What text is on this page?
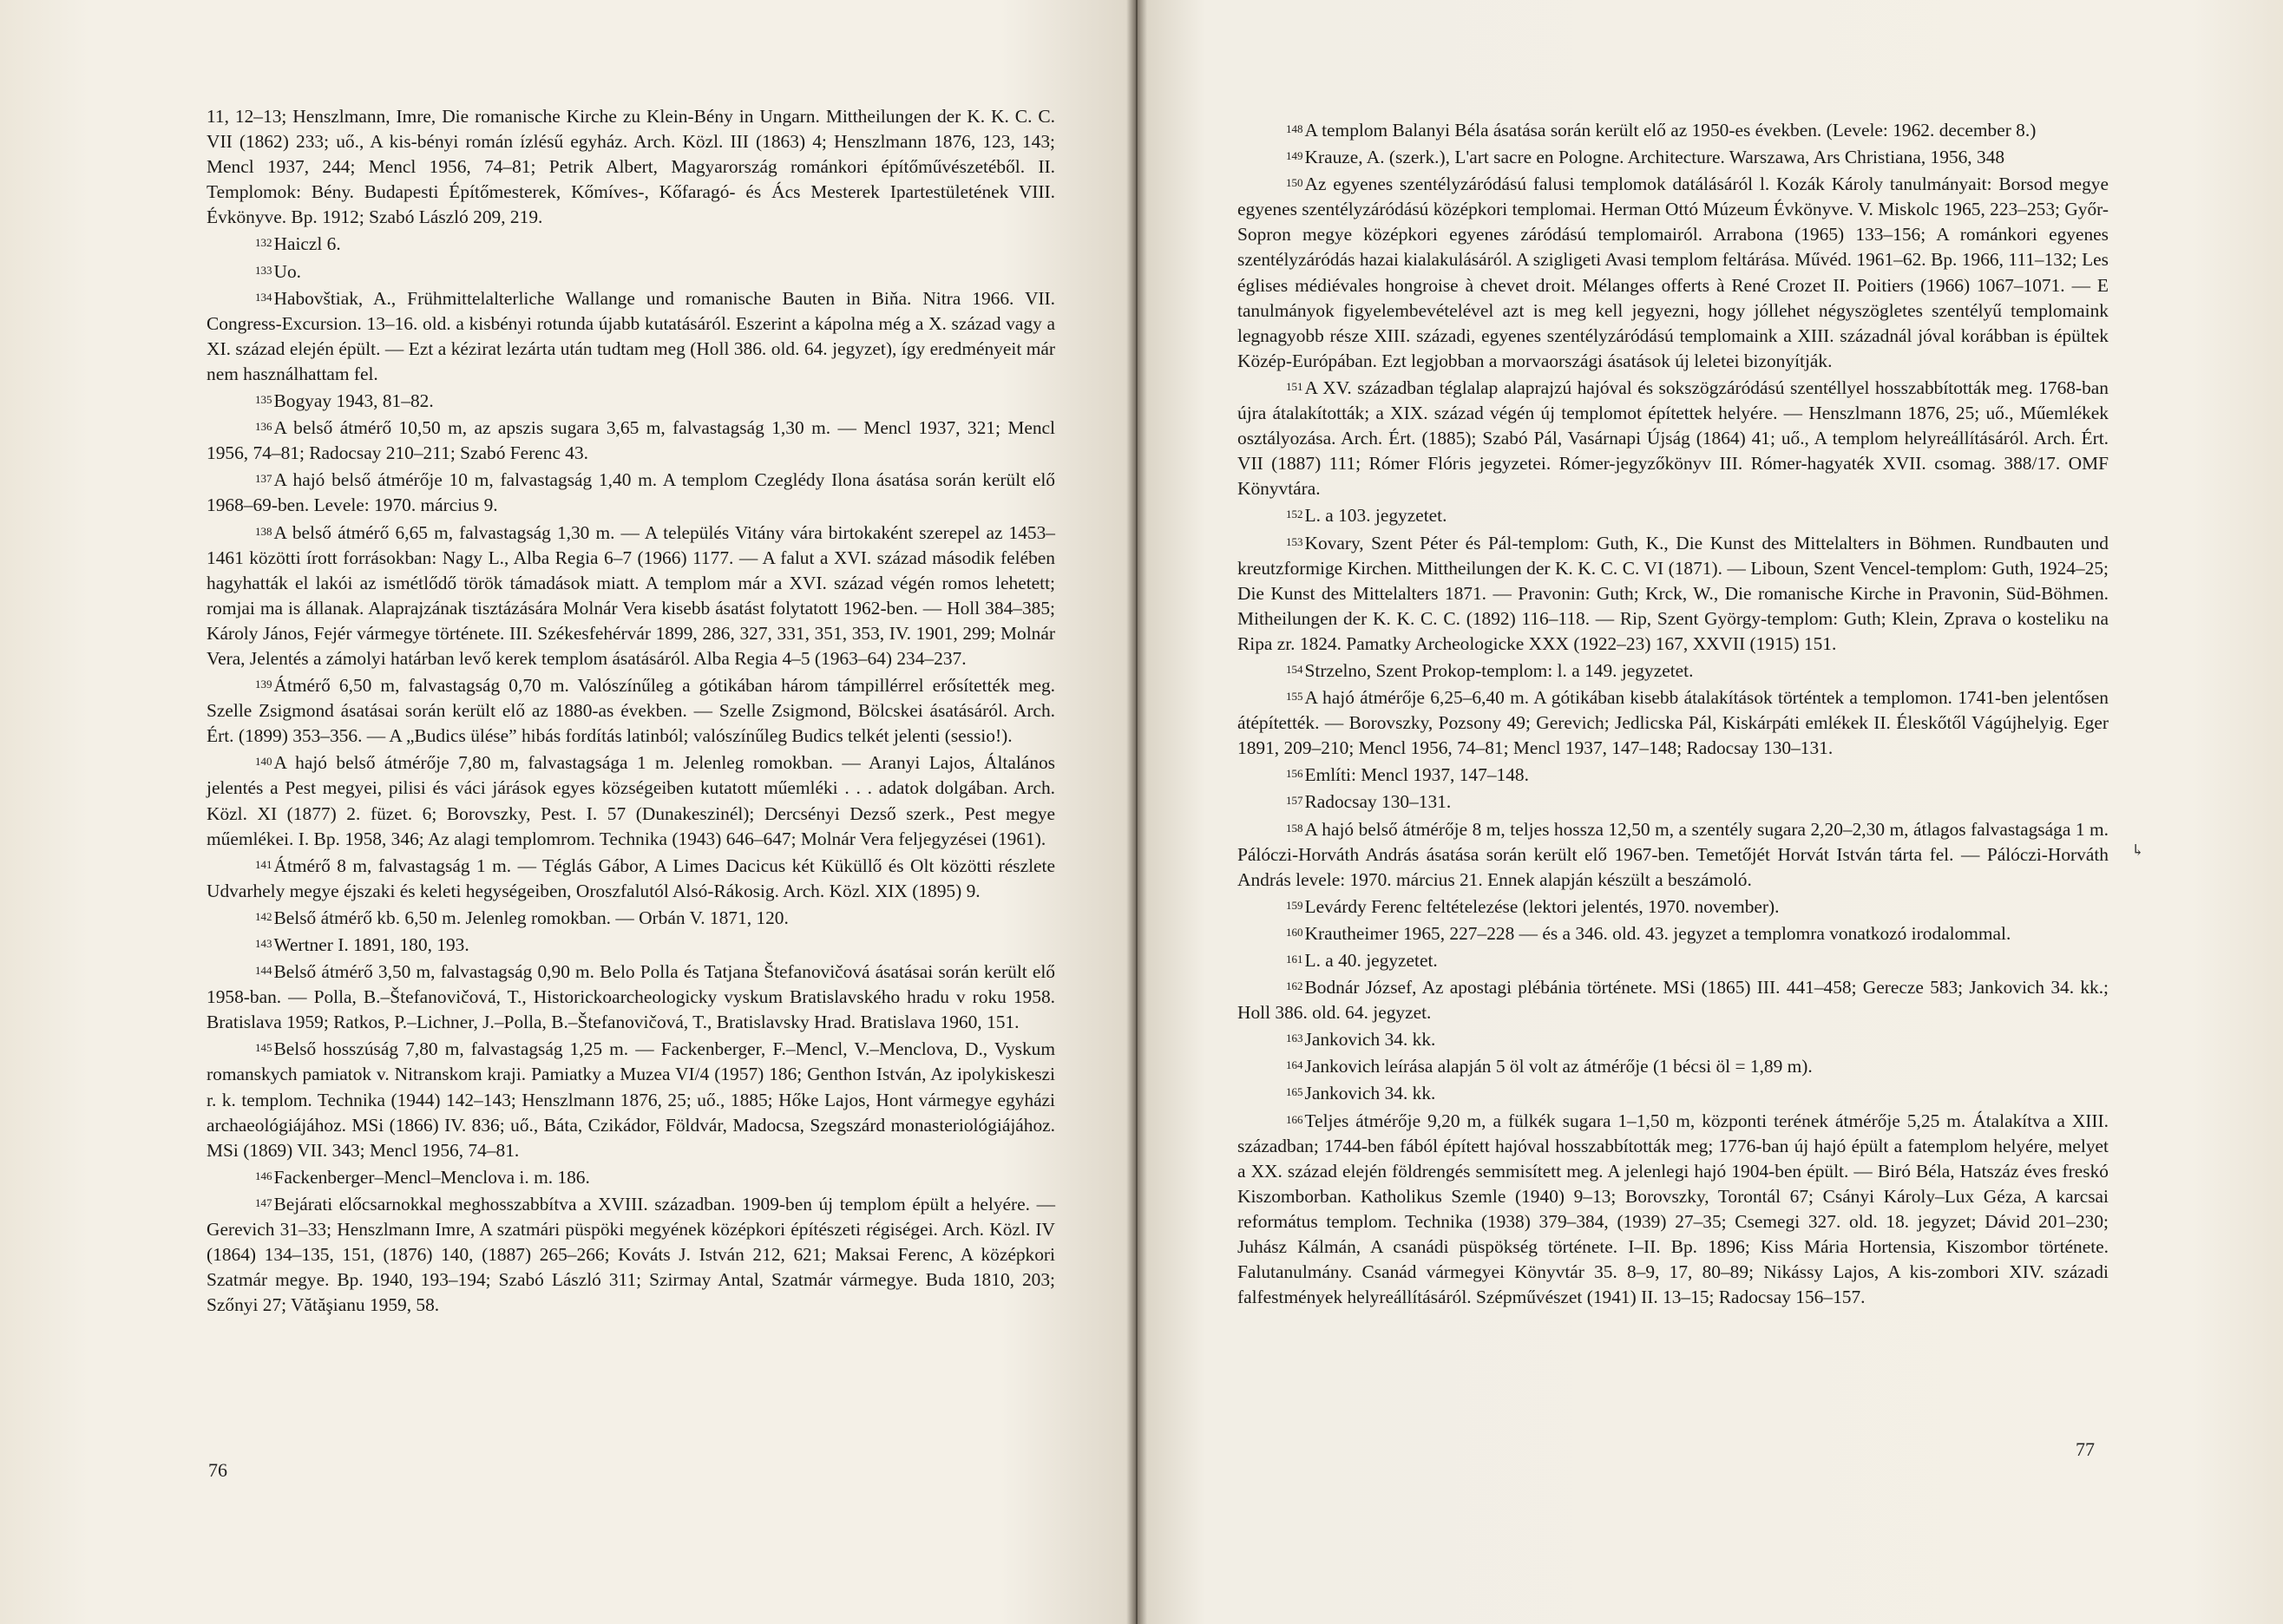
11, 12–13; Henszlmann, Imre, Die romanische Kirche zu Klein-Bény in Ungarn. Mittheilungen der K. K. C. C. VII (1862) 233; uő., A kis-bényi román ízlésű egyház. Arch. Közl. III (1863) 4; Henszlmann 1876, 123, 143; Mencl 1937, 244; Mencl 1956, 74–81; Petrik Albert, Magyarország románkori építőművészetéből. II. Templomok: Bény. Budapesti Építőmesterek, Kőmíves-, Kőfaragó- és Ács Mesterek Ipartestületének VIII. Évkönyve. Bp. 1912; Szabó László 209, 219.

$^{132}$Haiczl 6.

$^{133}$Uo.

$^{134}$Habovštiak, A., Frühmittelalterliche Wallange und romanische Bauten in Biňa. Nitra 1966. VII. Congress-Excursion. 13–16. old. a kisbényi rotunda újabb kutatásáról. Eszerint a kápolna még a X. század vagy a XI. század elején épült. — Ezt a kézirat lezárta után tudtam meg (Holl 386. old. 64. jegyzet), így eredményeit már nem használhattam fel.

$^{135}$Bogyay 1943, 81–82.

$^{136}$A belső átmérő 10,50 m, az apszis sugara 3,65 m, falvastagság 1,30 m. — Mencl 1937, 321; Mencl 1956, 74–81; Radocsay 210–211; Szabó Ferenc 43.

$^{137}$A hajó belső átmérője 10 m, falvastagság 1,40 m. A templom Czeglédy Ilona ásatása során került elő 1968–69-ben. Levele: 1970. március 9.

$^{138}$A belső átmérő 6,65 m, falvastagság 1,30 m. — A település Vitány vára birtokaként szerepel az 1453–1461 közötti írott forrásokban: Nagy L., Alba Regia 6–7 (1966) 1177. — A falut a XVI. század második felében hagyhatták el lakói az ismétlődő török támadások miatt. A templom már a XVI. század végén romos lehetett; romjai ma is állanak. Alaprajzának tisztázására Molnár Vera kisebb ásatást folytatott 1962-ben. — Holl 384–385; Károly János, Fejér vármegye története. III. Székesfehérvár 1899, 286, 327, 331, 351, 353, IV. 1901, 299; Molnár Vera, Jelentés a zámolyi határban levő kerek templom ásatásáról. Alba Regia 4–5 (1963–64) 234–237.

$^{139}$Átmérő 6,50 m, falvastagság 0,70 m. Valószínűleg a gótikában három támpillérrel erősítették meg. Szelle Zsigmond ásatásai során került elő az 1880-as években. — Szelle Zsigmond, Bölcskei ásatásáról. Arch. Ért. (1899) 353–356. — A „Budics ülése” hibás fordítás latinból; valószínűleg Budics telkét jelenti (sessio!).

$^{140}$A hajó belső átmérője 7,80 m, falvastagsága 1 m. Jelenleg romokban. — Aranyi Lajos, Általános jelentés a Pest megyei, pilisi és váci járások egyes községeiben kutatott műemléki . . . adatok dolgában. Arch. Közl. XI (1877) 2. füzet. 6; Borovszky, Pest. I. 57 (Dunakeszinél); Dercsényi Dezső szerk., Pest megye műemlékei. I. Bp. 1958, 346; Az alagi templomrom. Technika (1943) 646–647; Molnár Vera feljegyzései (1961).

$^{141}$Átmérő 8 m, falvastagság 1 m. — Téglás Gábor, A Limes Dacicus két Küküllő és Olt közötti részlete Udvarhely megye éjszaki és keleti hegységeiben, Oroszfalutól Alsó-Rákosig. Arch. Közl. XIX (1895) 9.

$^{142}$Belső átmérő kb. 6,50 m. Jelenleg romokban. — Orbán V. 1871, 120.

$^{143}$Wertner I. 1891, 180, 193.

$^{144}$Belső átmérő 3,50 m, falvastagság 0,90 m. Belo Polla és Tatjana Štefanovičová ásatásai során került elő 1958-ban. — Polla, B.–Štefanovičová, T., Historickoarcheologicky vyskum Bratislavského hradu v roku 1958. Bratislava 1959; Ratkos, P.–Lichner, J.–Polla, B.–Štefanovičová, T., Bratislavsky Hrad. Bratislava 1960, 151.

$^{145}$Belső hosszúság 7,80 m, falvastagság 1,25 m. — Fackenberger, F.–Mencl, V.–Menclova, D., Vyskum romanskych pamiatok v. Nitranskom kraji. Pamiatky a Muzea VI/4 (1957) 186; Genthon István, Az ipolykiskeszi r. k. templom. Technika (1944) 142–143; Henszlmann 1876, 25; uő., 1885; Hőke Lajos, Hont vármegye egyházi archaeológiájához. MSi (1866) IV. 836; uő., Báta, Czikádor, Földvár, Madocsa, Szegszárd monasteriológiájához. MSi (1869) VII. 343; Mencl 1956, 74–81.

$^{146}$Fackenberger–Mencl–Menclova i. m. 186.

$^{147}$Bejárati előcsarnokkal meghosszabbítva a XVIII. században. 1909-ben új templom épült a helyére. — Gerevich 31–33; Henszlmann Imre, A szatmári püspöki megyének középkori építészeti régiségei. Arch. Közl. IV (1864) 134–135, 151, (1876) 140, (1887) 265–266; Kováts J. István 212, 621; Maksai Ferenc, A középkori Szatmár megye. Bp. 1940, 193–194; Szabó László 311; Szirmay Antal, Szatmár vármegye. Buda 1810, 203; Szőnyi 27; Vătăşianu 1959, 58.

76

$^{148}$A templom Balanyi Béla ásatása során került elő az 1950-es években. (Levele: 1962. december 8.)

$^{149}$Krauze, A. (szerk.), L'art sacre en Pologne. Architecture. Warszawa, Ars Christiana, 1956, 348

$^{150}$Az egyenes szentélyzáródású falusi templomok datálásáról l. Kozák Károly tanulmányait: Borsod megye egyenes szentélyzáródású középkori templomai. Herman Ottó Múzeum Évkönyve. V. Miskolc 1965, 223–253; Győr-Sopron megye középkori egyenes záródású templomairól. Arrabona (1965) 133–156; A románkori egyenes szentélyzáródás hazai kialakulásáról. A szigligeti Avasi templom feltárása. Művéd. 1961–62. Bp. 1966, 111–132; Les églises médiévales hongroise à chevet droit. Mélanges offerts à René Crozet II. Poitiers (1966) 1067–1071. — E tanulmányok figyelembevételével azt is meg kell jegyezni, hogy jóllehet négyszögletes szentélyű templomaink legnagyobb része XIII. századi, egyenes szentélyzáródású templomaink a XIII. századnál jóval korábban is épültek Közép-Európában. Ezt legjobban a morvaországi ásatások új leletei bizonyítják.

$^{151}$A XV. században téglalap alaprajzú hajóval és sokszögzáródású szentéllyel hosszabbították meg. 1768-ban újra átalakították; a XIX. század végén új templomot építettek helyére. — Henszlmann 1876, 25; uő., Műemlékek osztályozása. Arch. Ért. (1885); Szabó Pál, Vasárnapi Újság (1864) 41; uő., A templom helyreállításáról. Arch. Ért. VII (1887) 111; Rómer Flóris jegyzetei. Rómer-jegyzőkönyv III. Rómer-hagyaték XVII. csomag. 388/17. OMF Könyvtára.

$^{152}$L. a 103. jegyzetet.

$^{153}$Kovary, Szent Péter és Pál-templom: Guth, K., Die Kunst des Mittelalters in Böhmen. Rundbauten und kreutzformige Kirchen. Mittheilungen der K. K. C. C. VI (1871). — Liboun, Szent Vencel-templom: Guth, 1924–25; Die Kunst des Mittelalters 1871. — Pravonin: Guth; Krck, W., Die romanische Kirche in Pravonin, Süd-Böhmen. Mitheilungen der K. K. C. C. (1892) 116–118. — Rip, Szent György-templom: Guth; Klein, Zprava o kosteliku na Ripa zr. 1824. Pamatky Archeologicke XXX (1922–23) 167, XXVII (1915) 151.

$^{154}$Strzelno, Szent Prokop-templom: l. a 149. jegyzetet.

$^{155}$A hajó átmérője 6,25–6,40 m. A gótikában kisebb átalakítások történtek a templomon. 1741-ben jelentősen átépítették. — Borovszky, Pozsony 49; Gerevich; Jedlicska Pál, Kiskárpáti emlékek II. Éleskőtől Vágújhelyig. Eger 1891, 209–210; Mencl 1956, 74–81; Mencl 1937, 147–148; Radocsay 130–131.

$^{156}$Említi: Mencl 1937, 147–148.

$^{157}$Radocsay 130–131.

$^{158}$A hajó belső átmérője 8 m, teljes hossza 12,50 m, a szentély sugara 2,20–2,30 m, átlagos falvastagsága 1 m. Pálóczi-Horváth András ásatása során került elő 1967-ben. Temetőjét Horvát István tárta fel. — Pálóczi-Horváth András levele: 1970. március 21. Ennek alapján készült a beszámoló.

$^{159}$Levárdy Ferenc feltételezése (lektori jelentés, 1970. november).

$^{160}$Krautheimer 1965, 227–228 — és a 346. old. 43. jegyzet a templomra vonatkozó irodalommal.

$^{161}$L. a 40. jegyzetet.

$^{162}$Bodnár József, Az apostagi plébánia története. MSi (1865) III. 441–458; Gerecze 583; Jankovich 34. kk.; Holl 386. old. 64. jegyzet.

$^{163}$Jankovich 34. kk.

$^{164}$Jankovich leírása alapján 5 öl volt az átmérője (1 bécsi öl = 1,89 m).

$^{165}$Jankovich 34. kk.

$^{166}$Teljes átmérője 9,20 m, a fülkék sugara 1–1,50 m, központi terének átmérője 5,25 m. Átalakítva a XIII. században; 1744-ben fából épített hajóval hosszabbították meg; 1776-ban új hajó épült a fatemplom helyére, melyet a XX. század elején földrengés semmisített meg. A jelenlegi hajó 1904-ben épült. — Biró Béla, Hatszáz éves freskó Kiszomborban. Katholikus Szemle (1940) 9–13; Borovszky, Torontál 67; Csányi Károly–Lux Géza, A karcsai református templom. Technika (1938) 379–384, (1939) 27–35; Csemegi 327. old. 18. jegyzet; Dávid 201–230; Juhász Kálmán, A csanádi püspökség története. I–II. Bp. 1896; Kiss Mária Hortensia, Kiszombor története. Falutanulmány. Csanád vármegyei Könyvtár 35. 8–9, 17, 80–89; Nikássy Lajos, A kis-zombori XIV. századi falfestmények helyreállításáról. Szépművészet (1941) II. 13–15; Radocsay 156–157.

77
↳
